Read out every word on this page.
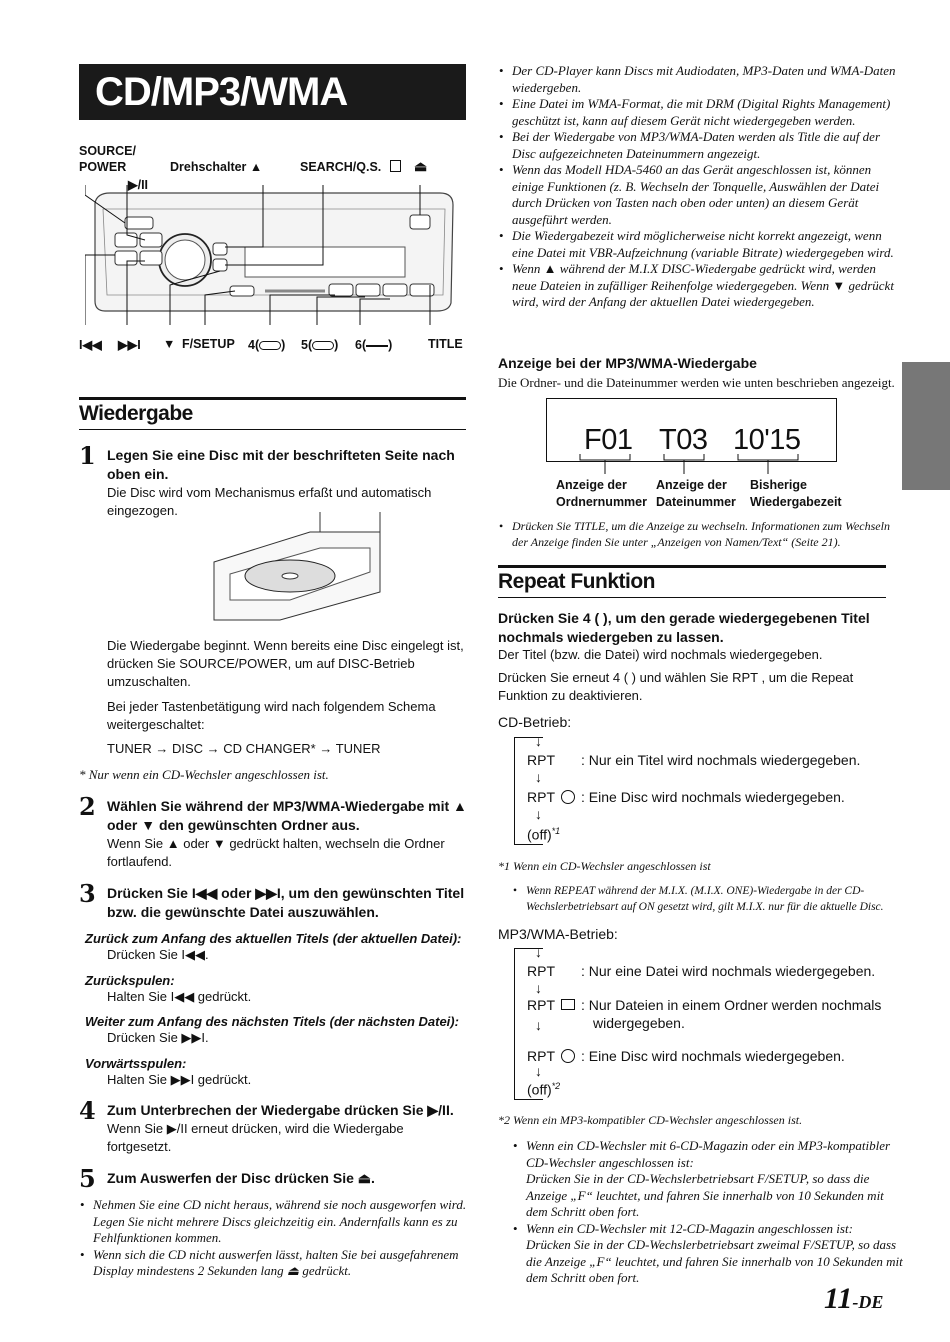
CD/MP3/WMA
SOURCE/
POWER
▶/II
Drehschalter ▲	SEARCH/Q.S. ⏏
I◀◀ ▶▶I ▼ F/SETUP 4( ) 5( ) 6( )	TITLE
Wiedergabe
1 Legen Sie eine Disc mit der beschrifteten Seite nach oben ein.
Die Disc wird vom Mechanismus erfaßt und automatisch eingezogen.
Die Wiedergabe beginnt. Wenn bereits eine Disc eingelegt ist, drücken Sie SOURCE/POWER, um auf DISC-Betrieb umzuschalten.
Bei jeder Tastenbetätigung wird nach folgendem Schema weitergeschaltet:
TUNER → DISC → CD CHANGER* → TUNER
* Nur wenn ein CD-Wechsler angeschlossen ist.
2 Wählen Sie während der MP3/WMA-Wiedergabe mit ▲ oder ▼ den gewünschten Ordner aus.
Wenn Sie ▲ oder ▼ gedrückt halten, wechseln die Ordner fortlaufend.
3 Drücken Sie I◀◀ oder ▶▶I, um den gewünschten Titel bzw. die gewünschte Datei auszuwählen.
Zurück zum Anfang des aktuellen Titels (der aktuellen Datei):
Drücken Sie I◀◀.
Zurückspulen:
Halten Sie I◀◀ gedrückt.
Weiter zum Anfang des nächsten Titels (der nächsten Datei):
Drücken Sie ▶▶I.
Vorwärtsspulen:
Halten Sie ▶▶I gedrückt.
4 Zum Unterbrechen der Wiedergabe drücken Sie ▶/II.
Wenn Sie ▶/II erneut drücken, wird die Wiedergabe fortgesetzt.
5 Zum Auswerfen der Disc drücken Sie ⏏.
• Nehmen Sie eine CD nicht heraus, während sie noch ausgeworfen wird. Legen Sie nicht mehrere Discs gleichzeitig ein. Andernfalls kann es zu Fehlfunktionen kommen.
• Wenn sich die CD nicht auswerfen lässt, halten Sie bei ausgefahrenem Display mindestens 2 Sekunden lang ⏏ gedrückt.
• Der CD-Player kann Discs mit Audiodaten, MP3-Daten und WMA-Daten wiedergeben.
• Eine Datei im WMA-Format, die mit DRM (Digital Rights Management) geschützt ist, kann auf diesem Gerät nicht wiedergegeben werden.
• Bei der Wiedergabe von MP3/WMA-Daten werden als Title die auf der Disc aufgezeichneten Dateinummern angezeigt.
• Wenn das Modell HDA-5460 an das Gerät angeschlossen ist, können einige Funktionen (z. B. Wechseln der Tonquelle, Auswählen der Datei durch Drücken von Tasten nach oben oder unten) an diesem Gerät ausgeführt werden.
• Die Wiedergabezeit wird möglicherweise nicht korrekt angezeigt, wenn eine Datei mit VBR-Aufzeichnung (variable Bitrate) wiedergegeben wird.
• Wenn ▲ während der M.I.X DISC-Wiedergabe gedrückt wird, werden neue Dateien in zufälliger Reihenfolge wiedergegeben. Wenn ▼ gedrückt wird, wird der Anfang der aktuellen Datei wiedergegeben.
Anzeige bei der MP3/WMA-Wiedergabe
Die Ordner- und die Dateinummer werden wie unten beschrieben angezeigt.
F01 T03 10'15
Anzeige der
Ordnernummer
Anzeige der
Dateinummer
Bisherige
Wiedergabezeit
• Drücken Sie TITLE, um die Anzeige zu wechseln. Informationen zum Wechseln der Anzeige finden Sie unter „Anzeigen von Namen/Text“ (Seite 21).
Repeat Funktion
Drücken Sie 4 ( ), um den gerade wiedergegebenen Titel nochmals wiedergeben zu lassen.
Der Titel (bzw. die Datei) wird nochmals wiedergegeben.
Drücken Sie erneut 4 ( ) und wählen Sie RPT , um die Repeat Funktion zu deaktivieren.
CD-Betrieb:
↓
RPT : Nur ein Titel wird nochmals wiedergegeben.
↓
RPT : Eine Disc wird nochmals wiedergegeben.
↓
(off)$^{*1}$
*1 Wenn ein CD-Wechsler angeschlossen ist
• Wenn REPEAT während der M.I.X. (M.I.X. ONE)-Wiedergabe in der CD-Wechslerbetriebsart auf ON gesetzt wird, gilt M.I.X. nur für die aktuelle Disc.
MP3/WMA-Betrieb:
↓
RPT : Nur eine Datei wird nochmals wiedergegeben.
↓
RPT : Nur Dateien in einem Ordner werden nochmals
widergegeben.
↓
RPT : Eine Disc wird nochmals wiedergegeben.
↓
(off)$^{*2}$
*2 Wenn ein MP3-kompatibler CD-Wechsler angeschlossen ist.
• Wenn ein CD-Wechsler mit 6-CD-Magazin oder ein MP3-kompatibler CD-Wechsler angeschlossen ist:
Drücken Sie in der CD-Wechslerbetriebsart F/SETUP, so dass die Anzeige „F“ leuchtet, und fahren Sie innerhalb von 10 Sekunden mit dem Schritt oben fort.
• Wenn ein CD-Wechsler mit 12-CD-Magazin angeschlossen ist:
Drücken Sie in der CD-Wechslerbetriebsart zweimal F/SETUP, so dass die Anzeige „F“ leuchtet, und fahren Sie innerhalb von 10 Sekunden mit dem Schritt oben fort.
11-DE
